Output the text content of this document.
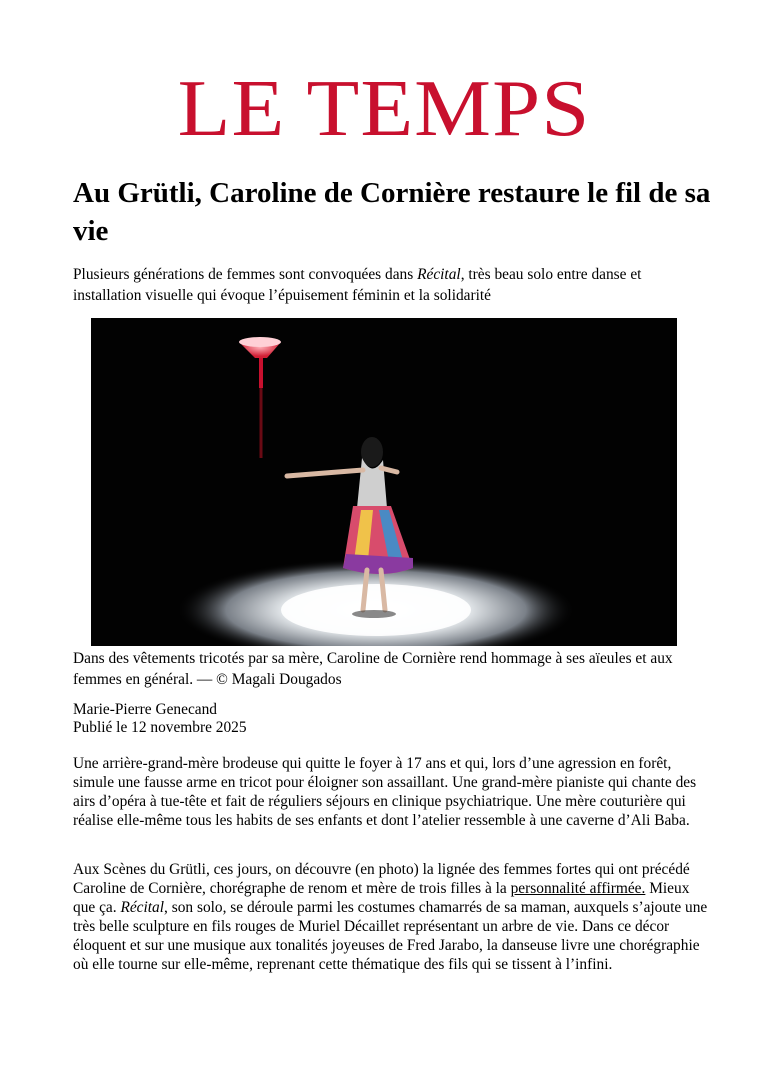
LE TEMPS
Au Grütli, Caroline de Cornière restaure le fil de sa vie
Plusieurs générations de femmes sont convoquées dans Récital, très beau solo entre danse et installation visuelle qui évoque l’épuisement féminin et la solidarité
Dans des vêtements tricotés par sa mère, Caroline de Cornière rend hommage à ses aïeules et aux femmes en général. — © Magali Dougados
Marie-Pierre Genecand
Publié le 12 novembre 2025

Une arrière-grand-mère brodeuse qui quitte le foyer à 17 ans et qui, lors d’une agression en forêt, simule une fausse arme en tricot pour éloigner son assaillant. Une grand-mère pianiste qui chante des airs d’opéra à tue-tête et fait de réguliers séjours en clinique psychiatrique. Une mère couturière qui réalise elle-même tous les habits de ses enfants et dont l’atelier ressemble à une caverne d’Ali Baba.

Aux Scènes du Grütli, ces jours, on découvre (en photo) la lignée des femmes fortes qui ont précédé Caroline de Cornière, chorégraphe de renom et mère de trois filles à la personnalité affirmée. Mieux que ça. Récital, son solo, se déroule parmi les costumes chamarrés de sa maman, auxquels s’ajoute une très belle sculpture en fils rouges de Muriel Décaillet représentant un arbre de vie. Dans ce décor éloquent et sur une musique aux tonalités joyeuses de Fred Jarabo, la danseuse livre une chorégraphie où elle tourne sur elle-même, reprenant cette thématique des fils qui se tissent à l’infini.
